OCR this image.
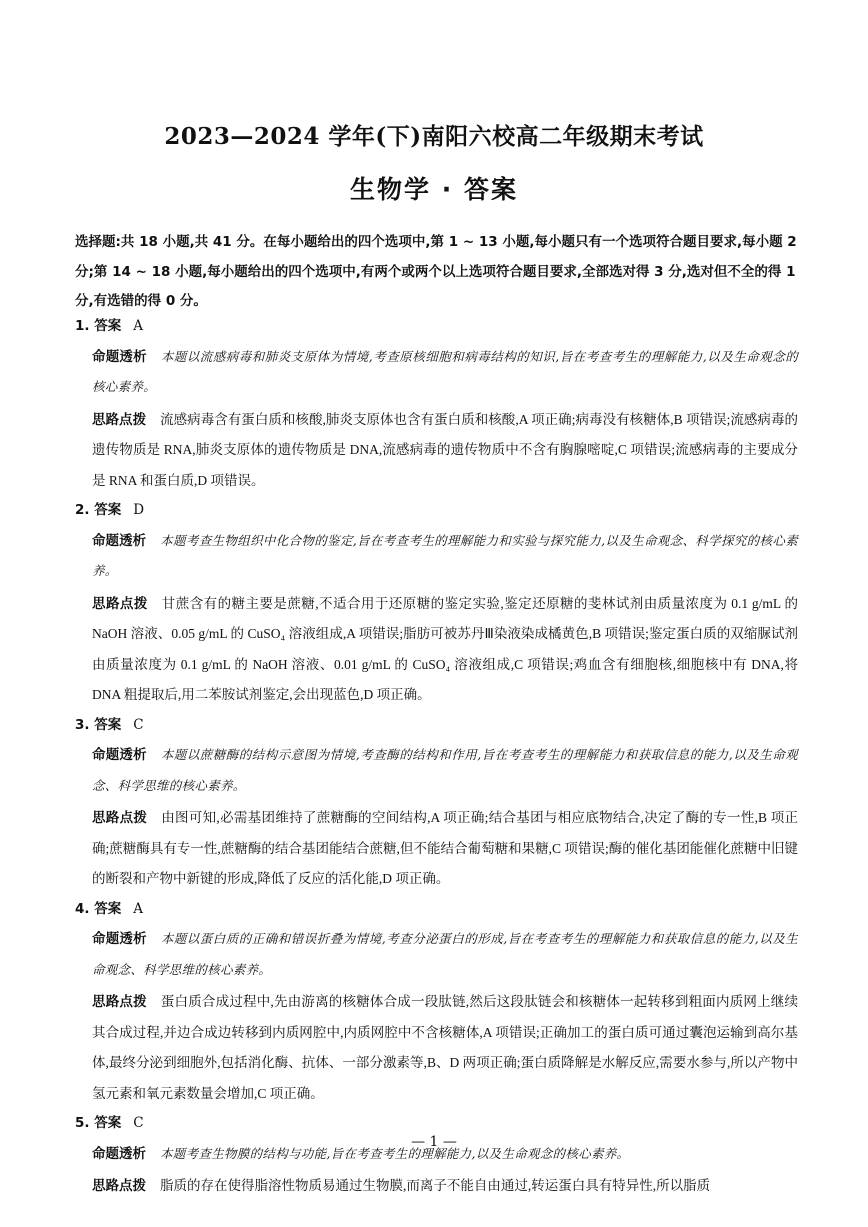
2023—2024 学年(下)南阳六校高二年级期末考试
生物学 · 答案
选择题:共 18 小题,共 41 分。在每小题给出的四个选项中,第 1 ~ 13 小题,每小题只有一个选项符合题目要求,每小题 2 分;第 14 ~ 18 小题,每小题给出的四个选项中,有两个或两个以上选项符合题目要求,全部选对得 3 分,选对但不全的得 1 分,有选错的得 0 分。
1. 答案 A

命题透析 本题以流感病毒和肺炎支原体为情境,考查原核细胞和病毒结构的知识,旨在考查考生的理解能力,以及生命观念的核心素养。

思路点拨 流感病毒含有蛋白质和核酸,肺炎支原体也含有蛋白质和核酸,A 项正确;病毒没有核糖体,B 项错误;流感病毒的遗传物质是 RNA,肺炎支原体的遗传物质是 DNA,流感病毒的遗传物质中不含有胸腺嘧啶,C 项错误;流感病毒的主要成分是 RNA 和蛋白质,D 项错误。

2. 答案 D

命题透析 本题考查生物组织中化合物的鉴定,旨在考查考生的理解能力和实验与探究能力,以及生命观念、科学探究的核心素养。

思路点拨 甘蔗含有的糖主要是蔗糖,不适合用于还原糖的鉴定实验,鉴定还原糖的斐林试剂由质量浓度为 0.1 g/mL 的 NaOH 溶液、0.05 g/mL 的 CuSO₄ 溶液组成,A 项错误;脂肪可被苏丹Ⅲ染液染成橘黄色,B 项错误;鉴定蛋白质的双缩脲试剂由质量浓度为 0.1 g/mL 的 NaOH 溶液、0.01 g/mL 的 CuSO₄ 溶液组成,C 项错误;鸡血含有细胞核,细胞核中有 DNA,将 DNA 粗提取后,用二苯胺试剂鉴定,会出现蓝色,D 项正确。

3. 答案 C

命题透析 本题以蔗糖酶的结构示意图为情境,考查酶的结构和作用,旨在考查考生的理解能力和获取信息的能力,以及生命观念、科学思维的核心素养。

思路点拨 由图可知,必需基团维持了蔗糖酶的空间结构,A 项正确;结合基团与相应底物结合,决定了酶的专一性,B 项正确;蔗糖酶具有专一性,蔗糖酶的结合基团能结合蔗糖,但不能结合葡萄糖和果糖,C 项错误;酶的催化基团能催化蔗糖中旧键的断裂和产物中新键的形成,降低了反应的活化能,D 项正确。

4. 答案 A

命题透析 本题以蛋白质的正确和错误折叠为情境,考查分泌蛋白的形成,旨在考查考生的理解能力和获取信息的能力,以及生命观念、科学思维的核心素养。

思路点拨 蛋白质合成过程中,先由游离的核糖体合成一段肽链,然后这段肽链会和核糖体一起转移到粗面内质网上继续其合成过程,并边合成边转移到内质网腔中,内质网腔中不含核糖体,A 项错误;正确加工的蛋白质可通过囊泡运输到高尔基体,最终分泌到细胞外,包括消化酶、抗体、一部分激素等,B、D 两项正确;蛋白质降解是水解反应,需要水参与,所以产物中氢元素和氧元素数量会增加,C 项正确。

5. 答案 C

命题透析 本题考查生物膜的结构与功能,旨在考查考生的理解能力,以及生命观念的核心素养。

思路点拨 脂质的存在使得脂溶性物质易通过生物膜,而离子不能自由通过,转运蛋白具有特异性,所以脂质

— 1 —
